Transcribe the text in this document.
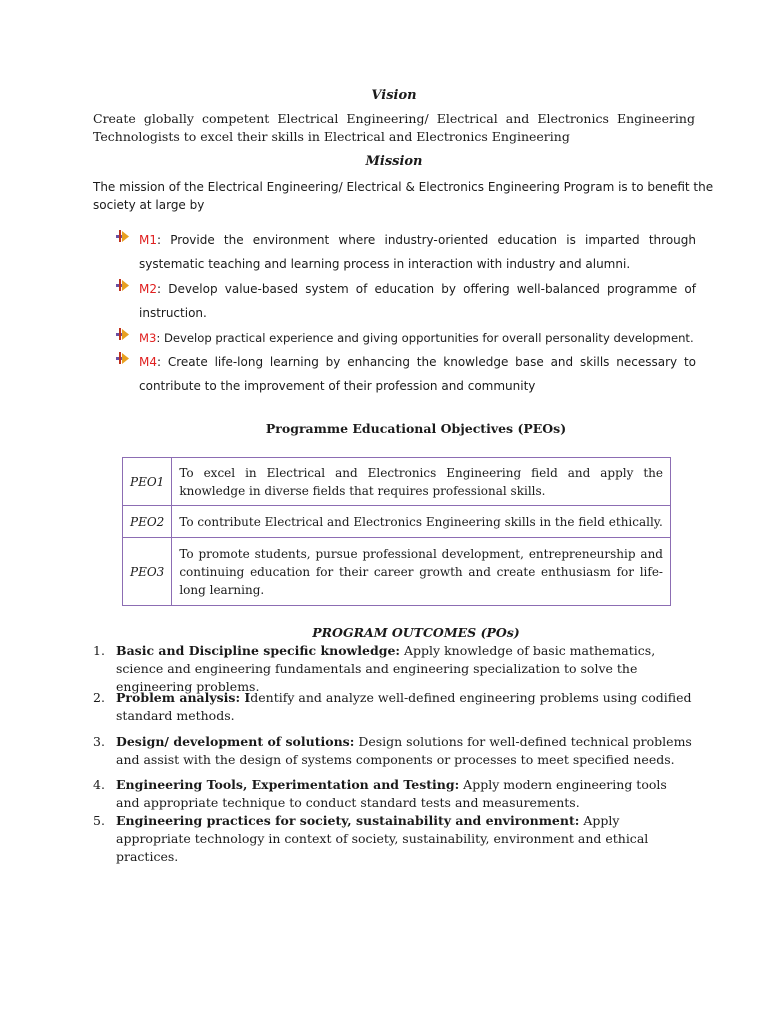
Vision
Create globally competent Electrical Engineering/ Electrical and Electronics Engineering
Technologists to excel their skills in Electrical and Electronics Engineering
Mission
The mission of the Electrical Engineering/ Electrical & Electronics Engineering Program is to benefit the
society at large by
M1: Provide the environment where industry-oriented education is imparted through systematic teaching and learning process in interaction with industry and alumni.
M2: Develop value-based system of education by offering well-balanced programme of instruction.
M3: Develop practical experience and giving opportunities for overall personality development.
M4: Create life-long learning by enhancing the knowledge base and skills necessary to contribute to the improvement of their profession and community
Programme Educational Objectives (PEOs)
PEO1	To excel in Electrical and Electronics Engineering field and apply the knowledge in diverse fields that requires professional skills.
PEO2	To contribute Electrical and Electronics Engineering skills in the field ethically.
PEO3	To promote students, pursue professional development, entrepreneurship and continuing education for their career growth and create enthusiasm for life-long learning.
PROGRAM OUTCOMES (POs)
1. Basic and Discipline specific knowledge: Apply knowledge of basic mathematics, science and engineering fundamentals and engineering specialization to solve the engineering problems.
2. Problem analysis: Identify and analyze well-defined engineering problems using codified standard methods.
3. Design/ development of solutions: Design solutions for well-defined technical problems and assist with the design of systems components or processes to meet specified needs.
4. Engineering Tools, Experimentation and Testing: Apply modern engineering tools and appropriate technique to conduct standard tests and measurements.
5. Engineering practices for society, sustainability and environment: Apply appropriate technology in context of society, sustainability, environment and ethical practices.
